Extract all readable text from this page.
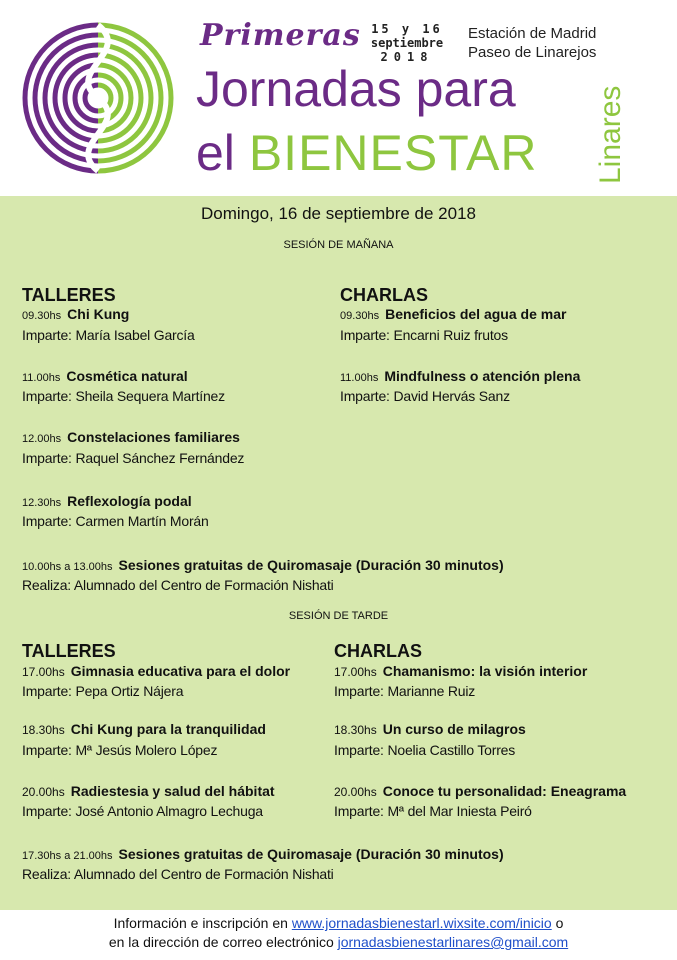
Primeras 15 y 16
septiembre
2018
Estación de Madrid
Paseo de Linarejos
Jornadas para
el BIENESTAR Linares
Domingo, 16 de septiembre de 2018
SESIÓN DE MAÑANA
TALLERES
09.30hs Chi Kung
Imparte: María Isabel García
11.00hs Cosmética natural
Imparte: Sheila Sequera Martínez
12.00hs Constelaciones familiares
Imparte: Raquel Sánchez Fernández
12.30hs Reflexología podal
Imparte: Carmen Martín Morán
CHARLAS
09.30hs Beneficios del agua de mar
Imparte: Encarni Ruiz frutos
11.00hs Mindfulness o atención plena
Imparte: David Hervás Sanz
10.00hs a 13.00hs Sesiones gratuitas de Quiromasaje (Duración 30 minutos)
Realiza: Alumnado del Centro de Formación Nishati
SESIÓN DE TARDE
TALLERES
17.00hs Gimnasia educativa para el dolor
Imparte: Pepa Ortiz Nájera
18.30hs Chi Kung para la tranquilidad
Imparte: Mª Jesús Molero López
20.00hs Radiestesia y salud del hábitat
Imparte: José Antonio Almagro Lechuga
CHARLAS
17.00hs Chamanismo: la visión interior
Imparte: Marianne Ruiz
18.30hs Un curso de milagros
Imparte: Noelia Castillo Torres
20.00hs Conoce tu personalidad: Eneagrama
Imparte: Mª del Mar Iniesta Peiró
17.30hs a 21.00hs Sesiones gratuitas de Quiromasaje (Duración 30 minutos)
Realiza: Alumnado del Centro de Formación Nishati
Información e inscripción en www.jornadasbienestarl.wixsite.com/inicio o
en la dirección de correo electrónico jornadasbienestarlinares@gmail.com
